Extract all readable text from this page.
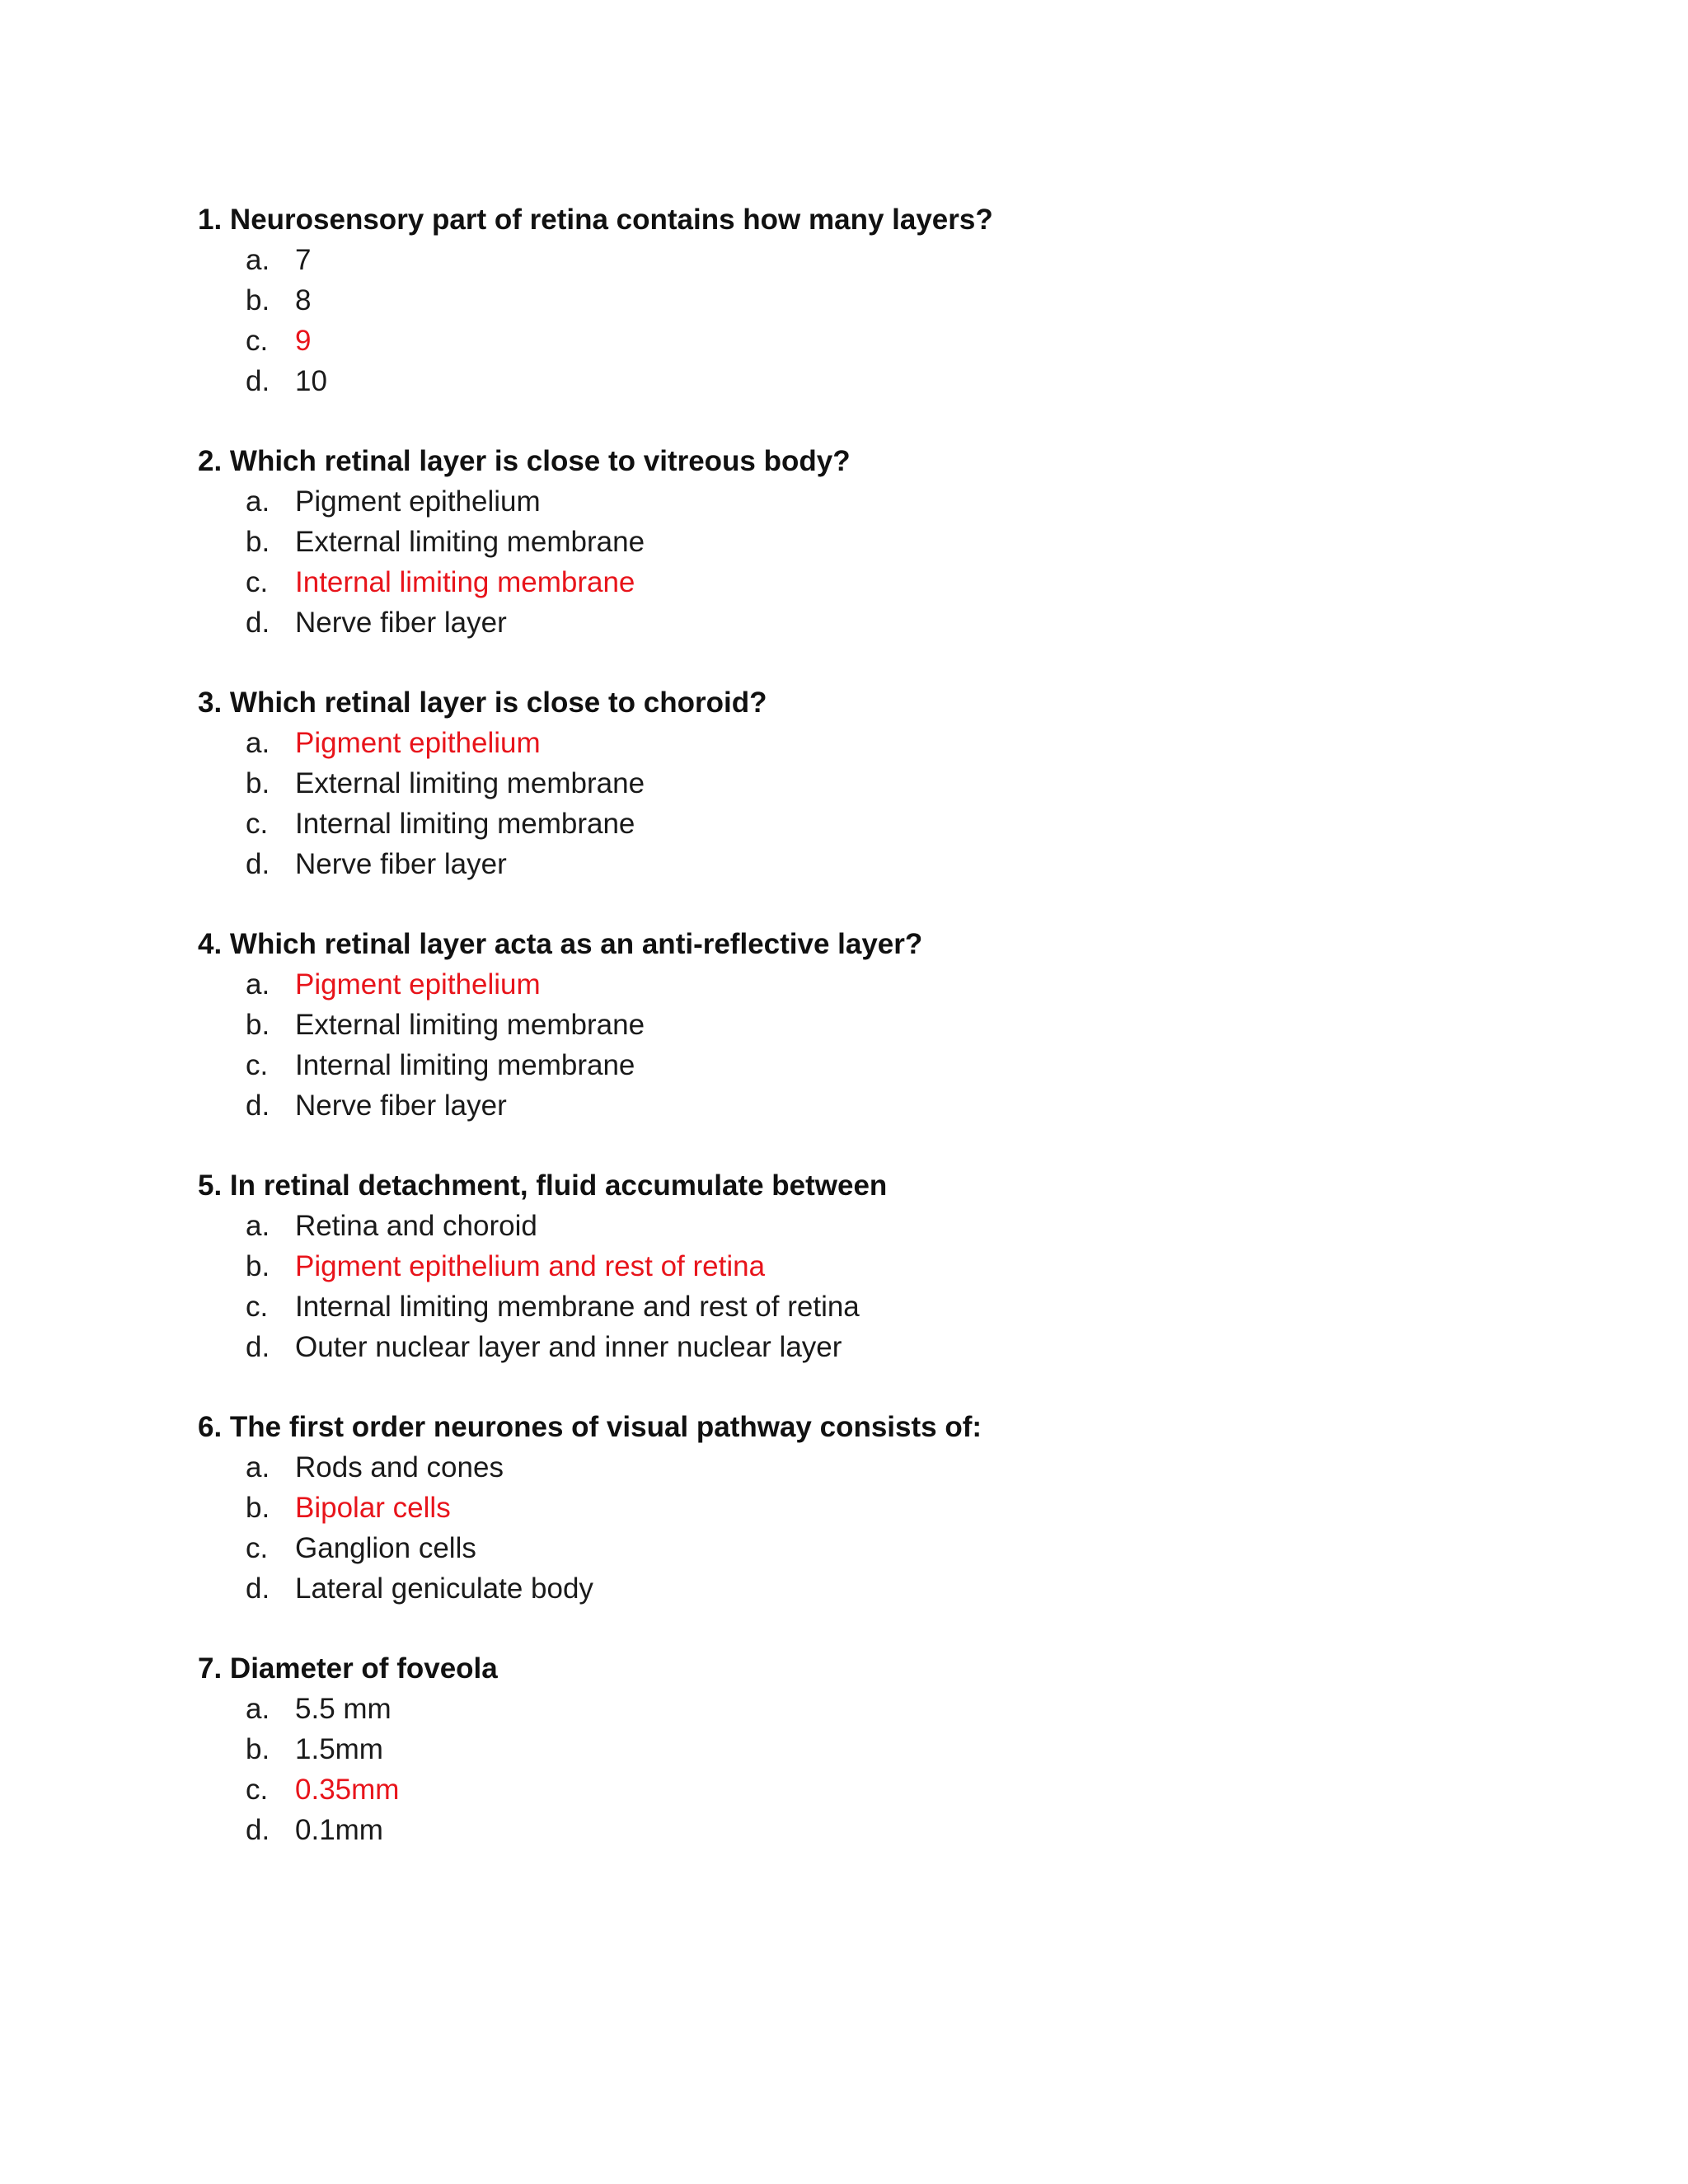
1. Neurosensory part of retina contains how many layers?
a. 7
b. 8
c. 9
d. 10
2. Which retinal layer is close to vitreous body?
a. Pigment epithelium
b. External limiting membrane
c. Internal limiting membrane
d. Nerve fiber layer
3. Which retinal layer is close to choroid?
a. Pigment epithelium
b. External limiting membrane
c. Internal limiting membrane
d. Nerve fiber layer
4. Which retinal layer acta as an anti-reflective layer?
a. Pigment epithelium
b. External limiting membrane
c. Internal limiting membrane
d. Nerve fiber layer
5. In retinal detachment, fluid accumulate between
a. Retina and choroid
b. Pigment epithelium and rest of retina
c. Internal limiting membrane and rest of retina
d. Outer nuclear layer and inner nuclear layer
6. The first order neurones of visual pathway consists of:
a. Rods and cones
b. Bipolar cells
c. Ganglion cells
d. Lateral geniculate body
7. Diameter of foveola
a. 5.5 mm
b. 1.5mm
c. 0.35mm
d. 0.1mm
